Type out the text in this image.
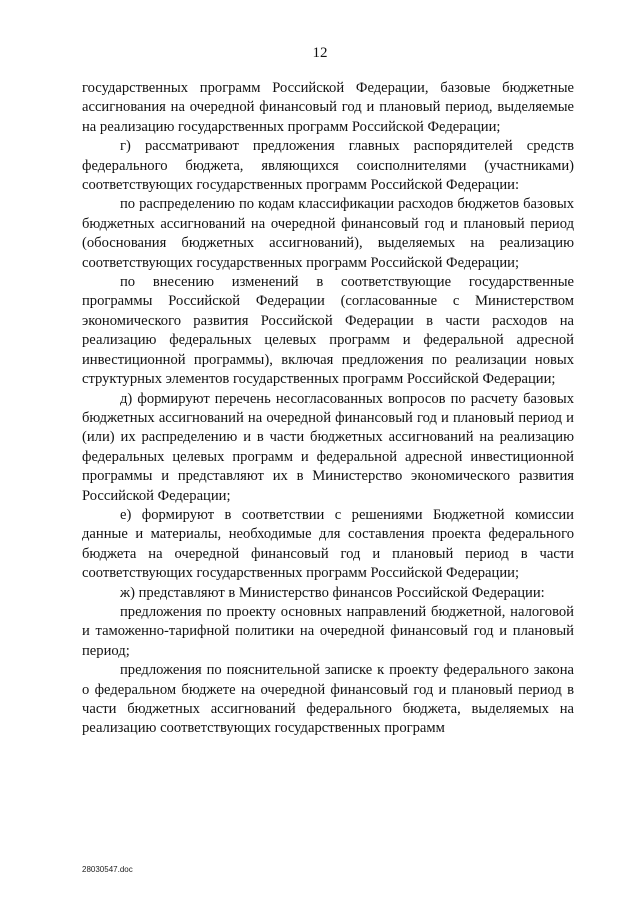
12

государственных программ Российской Федерации, базовые бюджетные ассигнования на очередной финансовый год и плановый период, выделяемые на реализацию государственных программ Российской Федерации;

г) рассматривают предложения главных распорядителей средств федерального бюджета, являющихся соисполнителями (участниками) соответствующих государственных программ Российской Федерации:

по распределению по кодам классификации расходов бюджетов базовых бюджетных ассигнований на очередной финансовый год и плановый период (обоснования бюджетных ассигнований), выделяемых на реализацию соответствующих государственных программ Российской Федерации;

по внесению изменений в соответствующие государственные программы Российской Федерации (согласованные с Министерством экономического развития Российской Федерации в части расходов на реализацию федеральных целевых программ и федеральной адресной инвестиционной программы), включая предложения по реализации новых структурных элементов государственных программ Российской Федерации;

д) формируют перечень несогласованных вопросов по расчету базовых бюджетных ассигнований на очередной финансовый год и плановый период и (или) их распределению и в части бюджетных ассигнований на реализацию федеральных целевых программ и федеральной адресной инвестиционной программы и представляют их в Министерство экономического развития Российской Федерации;

е) формируют в соответствии с решениями Бюджетной комиссии данные и материалы, необходимые для составления проекта федерального бюджета на очередной финансовый год и плановый период в части соответствующих государственных программ Российской Федерации;

ж) представляют в Министерство финансов Российской Федерации:

предложения по проекту основных направлений бюджетной, налоговой и таможенно-тарифной политики на очередной финансовый год и плановый период;

предложения по пояснительной записке к проекту федерального закона о федеральном бюджете на очередной финансовый год и плановый период в части бюджетных ассигнований федерального бюджета, выделяемых на реализацию соответствующих государственных программ

28030547.doc
